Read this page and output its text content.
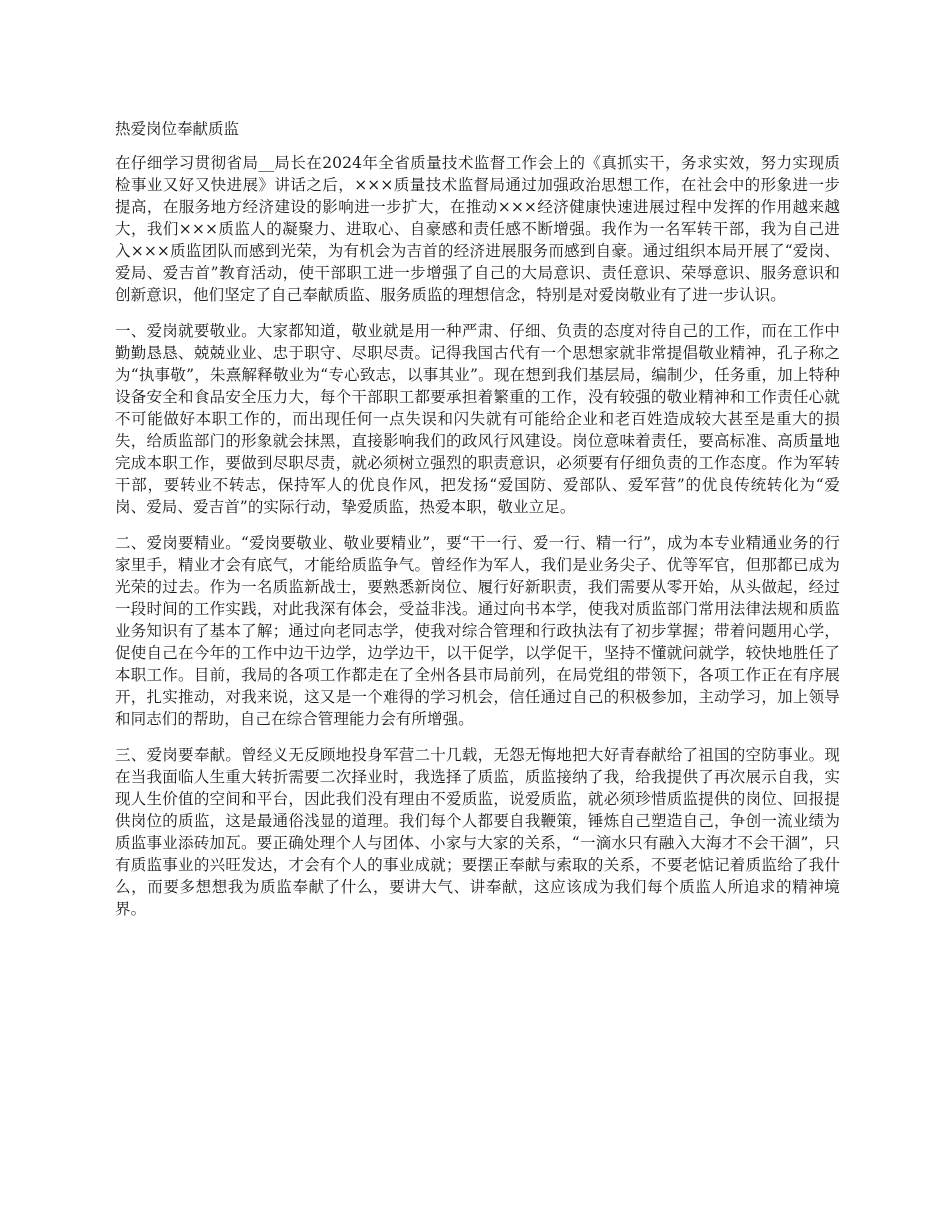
热爱岗位奉献质监

在仔细学习贯彻省局__局长在2024年全省质量技术监督工作会上的《真抓实干，务求实效，努力实现质检事业又好又快进展》讲话之后，×××质量技术监督局通过加强政治思想工作，在社会中的形象进一步提高，在服务地方经济建设的影响进一步扩大，在推动×××经济健康快速进展过程中发挥的作用越来越大，我们×××质监人的凝聚力、进取心、自豪感和责任感不断增强。我作为一名军转干部，我为自己进入×××质监团队而感到光荣，为有机会为吉首的经济进展服务而感到自豪。通过组织本局开展了“爱岗、爱局、爱吉首”教育活动，使干部职工进一步增强了自己的大局意识、责任意识、荣辱意识、服务意识和创新意识，他们坚定了自己奉献质监、服务质监的理想信念，特别是对爱岗敬业有了进一步认识。

一、爱岗就要敬业。大家都知道，敬业就是用一种严肃、仔细、负责的态度对待自己的工作，而在工作中勤勤恳恳、兢兢业业、忠于职守、尽职尽责。记得我国古代有一个思想家就非常提倡敬业精神，孔子称之为“执事敬”，朱熹解释敬业为“专心致志，以事其业”。现在想到我们基层局，编制少，任务重，加上特种设备安全和食品安全压力大，每个干部职工都要承担着繁重的工作，没有较强的敬业精神和工作责任心就不可能做好本职工作的，而出现任何一点失误和闪失就有可能给企业和老百姓造成较大甚至是重大的损失，给质监部门的形象就会抹黑，直接影响我们的政风行风建设。岗位意味着责任，要高标准、高质量地完成本职工作，要做到尽职尽责，就必须树立强烈的职责意识，必须要有仔细负责的工作态度。作为军转干部，要转业不转志，保持军人的优良作风，把发扬“爱国防、爱部队、爱军营”的优良传统转化为“爱岗、爱局、爱吉首”的实际行动，挚爱质监，热爱本职，敬业立足。

二、爱岗要精业。“爱岗要敬业、敬业要精业”，要“干一行、爱一行、精一行”，成为本专业精通业务的行家里手，精业才会有底气，才能给质监争气。曾经作为军人，我们是业务尖子、优等军官，但那都已成为光荣的过去。作为一名质监新战士，要熟悉新岗位、履行好新职责，我们需要从零开始，从头做起，经过一段时间的工作实践，对此我深有体会，受益非浅。通过向书本学，使我对质监部门常用法律法规和质监业务知识有了基本了解；通过向老同志学，使我对综合管理和行政执法有了初步掌握；带着问题用心学，促使自己在今年的工作中边干边学，边学边干，以干促学，以学促干，坚持不懂就问就学，较快地胜任了本职工作。目前，我局的各项工作都走在了全州各县市局前列，在局党组的带领下，各项工作正在有序展开，扎实推动，对我来说，这又是一个难得的学习机会，信任通过自己的积极参加，主动学习，加上领导和同志们的帮助，自己在综合管理能力会有所增强。

三、爱岗要奉献。曾经义无反顾地投身军营二十几载，无怨无悔地把大好青春献给了祖国的空防事业。现在当我面临人生重大转折需要二次择业时，我选择了质监，质监接纳了我，给我提供了再次展示自我，实现人生价值的空间和平台，因此我们没有理由不爱质监，说爱质监，就必须珍惜质监提供的岗位、回报提供岗位的质监，这是最通俗浅显的道理。我们每个人都要自我鞭策，锤炼自己塑造自己，争创一流业绩为质监事业添砖加瓦。要正确处理个人与团体、小家与大家的关系，“一滴水只有融入大海才不会干涸”，只有质监事业的兴旺发达，才会有个人的事业成就；要摆正奉献与索取的关系，不要老惦记着质监给了我什么，而要多想想我为质监奉献了什么，要讲大气、讲奉献，这应该成为我们每个质监人所追求的精神境界。
